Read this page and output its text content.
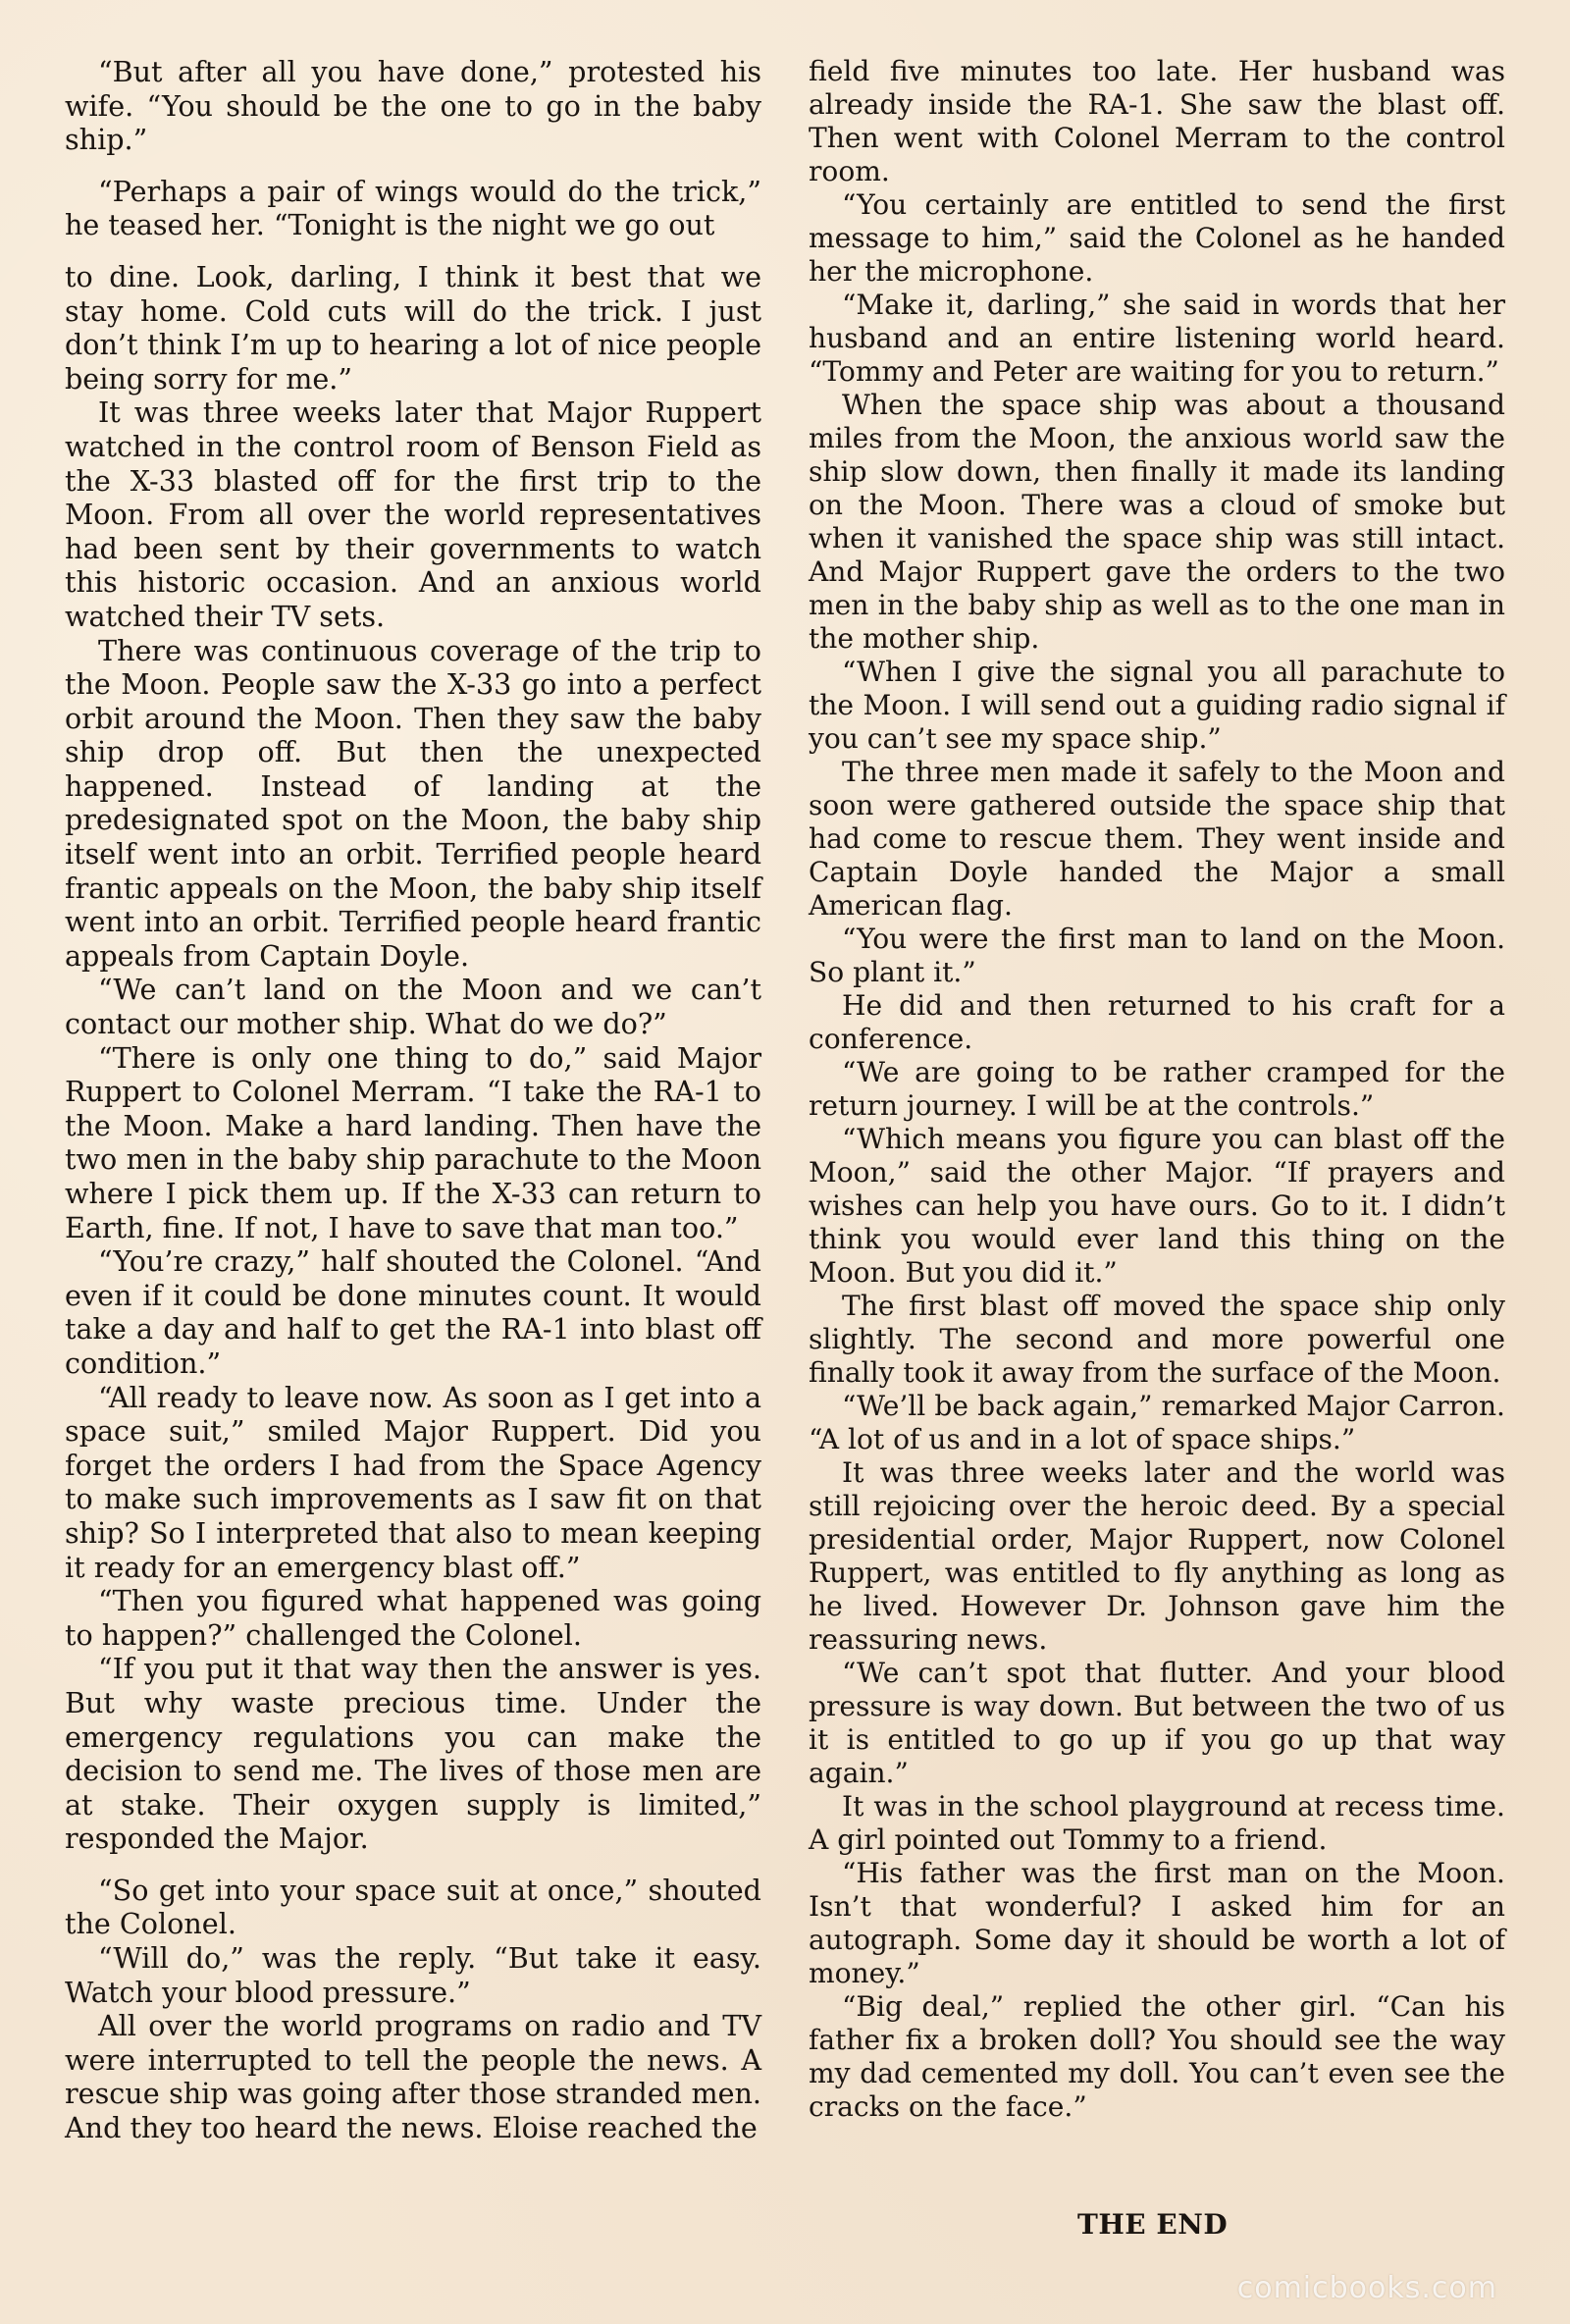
“But after all you have done,” protested his wife. “You should be the one to go in the baby ship.”

“Perhaps a pair of wings would do the trick,” he teased her. “Tonight is the night we go out

to dine. Look, darling, I think it best that we stay home. Cold cuts will do the trick. I just don’t think I’m up to hearing a lot of nice people being sorry for me.”

It was three weeks later that Major Ruppert watched in the control room of Benson Field as the X-33 blasted off for the first trip to the Moon. From all over the world representatives had been sent by their governments to watch this historic occasion. And an anxious world watched their TV sets.

There was continuous coverage of the trip to the Moon. People saw the X-33 go into a perfect orbit around the Moon. Then they saw the baby ship drop off. But then the unexpected happened. Instead of landing at the predesignated spot on the Moon, the baby ship itself went into an orbit. Terrified people heard frantic appeals on the Moon, the baby ship itself went into an orbit. Terrified people heard frantic appeals from Captain Doyle.

“We can’t land on the Moon and we can’t contact our mother ship. What do we do?”

“There is only one thing to do,” said Major Ruppert to Colonel Merram. “I take the RA-1 to the Moon. Make a hard landing. Then have the two men in the baby ship parachute to the Moon where I pick them up. If the X-33 can return to Earth, fine. If not, I have to save that man too.”

“You’re crazy,” half shouted the Colonel. “And even if it could be done minutes count. It would take a day and half to get the RA-1 into blast off condition.”

“All ready to leave now. As soon as I get into a space suit,” smiled Major Ruppert. Did you forget the orders I had from the Space Agency to make such improvements as I saw fit on that ship? So I interpreted that also to mean keeping it ready for an emergency blast off.”

“Then you figured what happened was going to happen?” challenged the Colonel.

“If you put it that way then the answer is yes. But why waste precious time. Under the emergency regulations you can make the decision to send me. The lives of those men are at stake. Their oxygen supply is limited,” responded the Major.

“So get into your space suit at once,” shouted the Colonel.

“Will do,” was the reply. “But take it easy. Watch your blood pressure.”

All over the world programs on radio and TV were interrupted to tell the people the news. A rescue ship was going after those stranded men. And they too heard the news. Eloise reached the

field five minutes too late. Her husband was already inside the RA-1. She saw the blast off. Then went with Colonel Merram to the control room.

“You certainly are entitled to send the first message to him,” said the Colonel as he handed her the microphone.

“Make it, darling,” she said in words that her husband and an entire listening world heard. “Tommy and Peter are waiting for you to return.”

When the space ship was about a thousand miles from the Moon, the anxious world saw the ship slow down, then finally it made its landing on the Moon. There was a cloud of smoke but when it vanished the space ship was still intact. And Major Ruppert gave the orders to the two men in the baby ship as well as to the one man in the mother ship.

“When I give the signal you all parachute to the Moon. I will send out a guiding radio signal if you can’t see my space ship.”

The three men made it safely to the Moon and soon were gathered outside the space ship that had come to rescue them. They went inside and Captain Doyle handed the Major a small American flag.

“You were the first man to land on the Moon. So plant it.”

He did and then returned to his craft for a conference.

“We are going to be rather cramped for the return journey. I will be at the controls.”

“Which means you figure you can blast off the Moon,” said the other Major. “If prayers and wishes can help you have ours. Go to it. I didn’t think you would ever land this thing on the Moon. But you did it.”

The first blast off moved the space ship only slightly. The second and more powerful one finally took it away from the surface of the Moon.

“We’ll be back again,” remarked Major Carron. “A lot of us and in a lot of space ships.”

It was three weeks later and the world was still rejoicing over the heroic deed. By a special presidential order, Major Ruppert, now Colonel Ruppert, was entitled to fly anything as long as he lived. However Dr. Johnson gave him the reassuring news.

“We can’t spot that flutter. And your blood pressure is way down. But between the two of us it is entitled to go up if you go up that way again.”

It was in the school playground at recess time. A girl pointed out Tommy to a friend.

“His father was the first man on the Moon. Isn’t that wonderful? I asked him for an autograph. Some day it should be worth a lot of money.”

“Big deal,” replied the other girl. “Can his father fix a broken doll? You should see the way my dad cemented my doll. You can’t even see the cracks on the face.”

THE END
comicbooks.com
